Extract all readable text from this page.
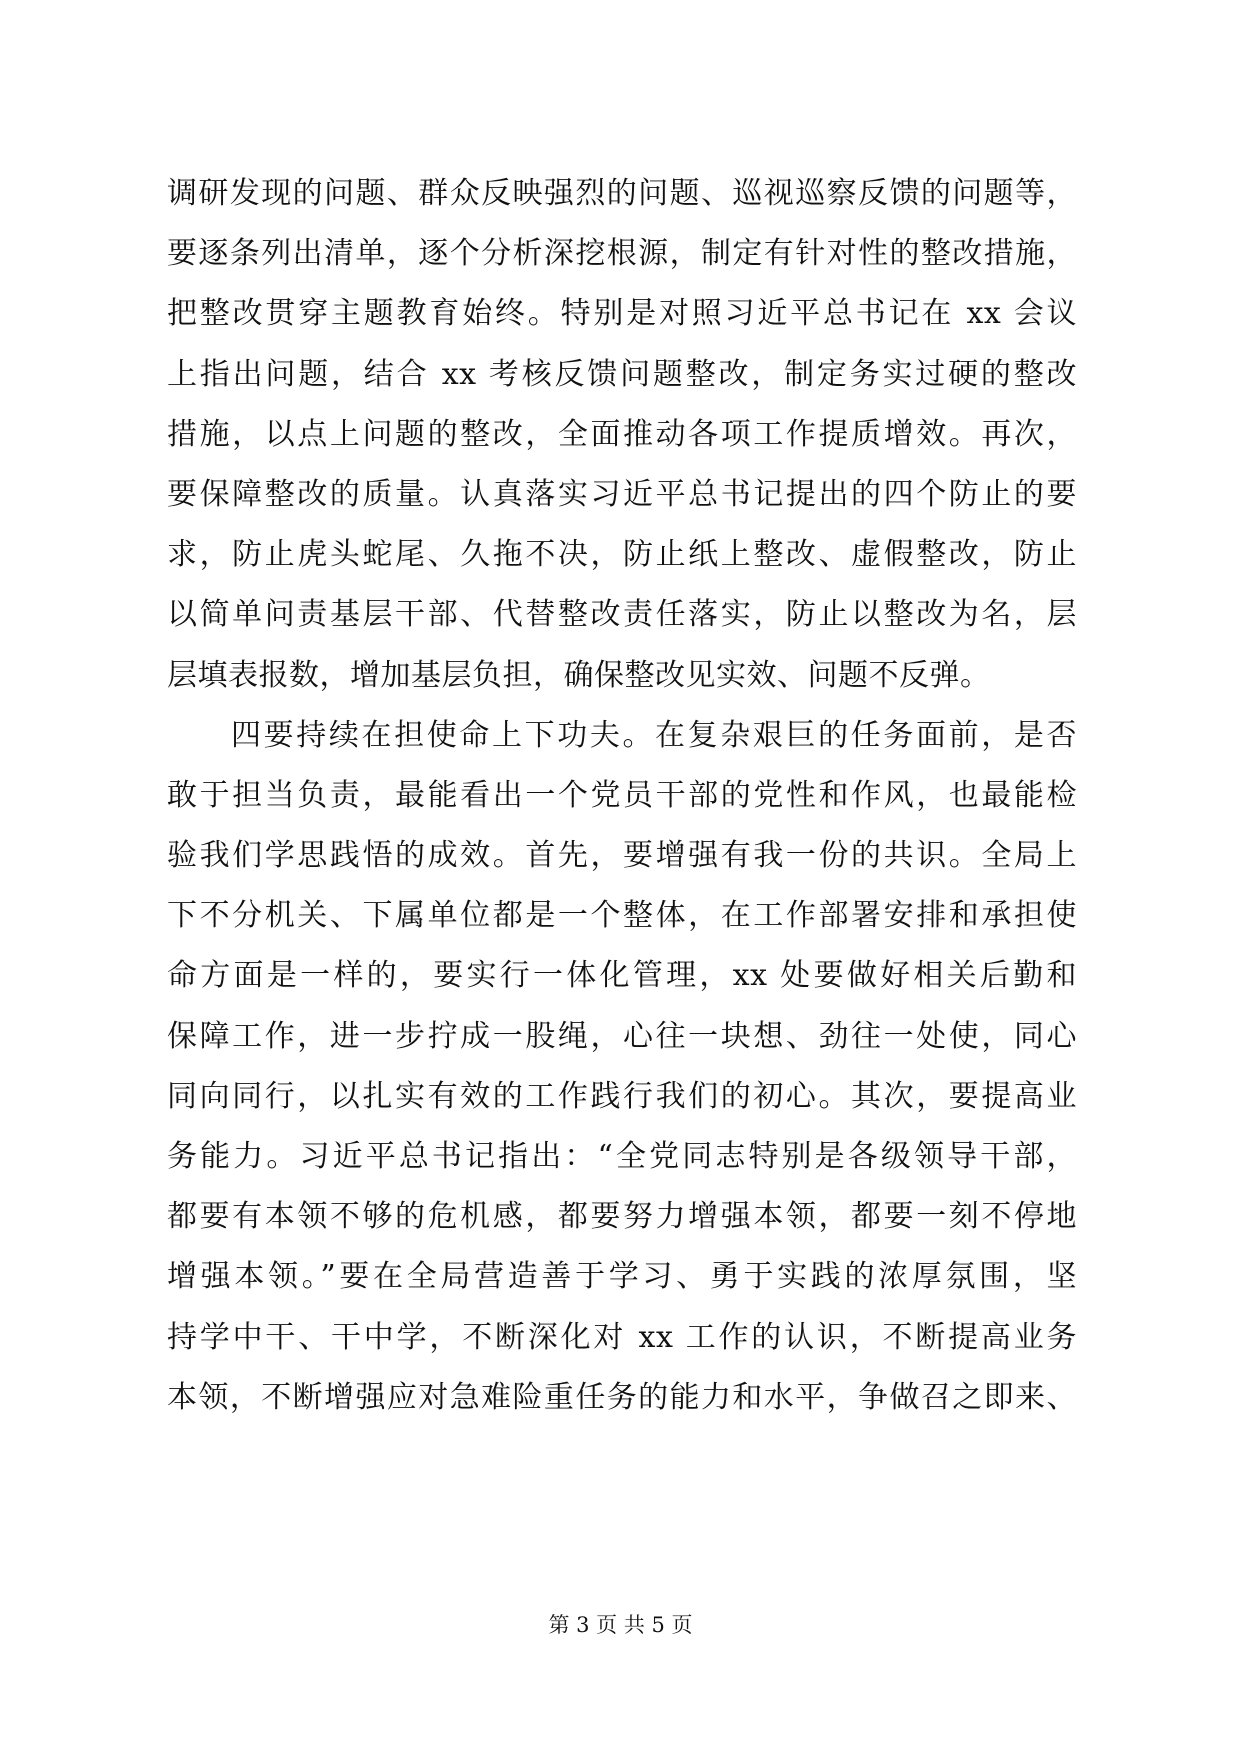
调研发现的问题、群众反映强烈的问题、巡视巡察反馈的问题等，
要逐条列出清单，逐个分析深挖根源，制定有针对性的整改措施，
把整改贯穿主题教育始终。特别是对照习近平总书记在 xx 会议
上指出问题，结合 xx 考核反馈问题整改，制定务实过硬的整改
措施，以点上问题的整改，全面推动各项工作提质增效。再次，
要保障整改的质量。认真落实习近平总书记提出的四个防止的要
求，防止虎头蛇尾、久拖不决，防止纸上整改、虚假整改，防止
以简单问责基层干部、代替整改责任落实，防止以整改为名，层
层填表报数，增加基层负担，确保整改见实效、问题不反弹。
四要持续在担使命上下功夫。在复杂艰巨的任务面前，是否
敢于担当负责，最能看出一个党员干部的党性和作风，也最能检
验我们学思践悟的成效。首先，要增强有我一份的共识。全局上
下不分机关、下属单位都是一个整体，在工作部署安排和承担使
命方面是一样的，要实行一体化管理，xx 处要做好相关后勤和
保障工作，进一步拧成一股绳，心往一块想、劲往一处使，同心
同向同行，以扎实有效的工作践行我们的初心。其次，要提高业
务能力。习近平总书记指出：“全党同志特别是各级领导干部，
都要有本领不够的危机感，都要努力增强本领，都要一刻不停地
增强本领。”要在全局营造善于学习、勇于实践的浓厚氛围，坚
持学中干、干中学，不断深化对 xx 工作的认识，不断提高业务
本领，不断增强应对急难险重任务的能力和水平，争做召之即来、
第 3 页 共 5 页
